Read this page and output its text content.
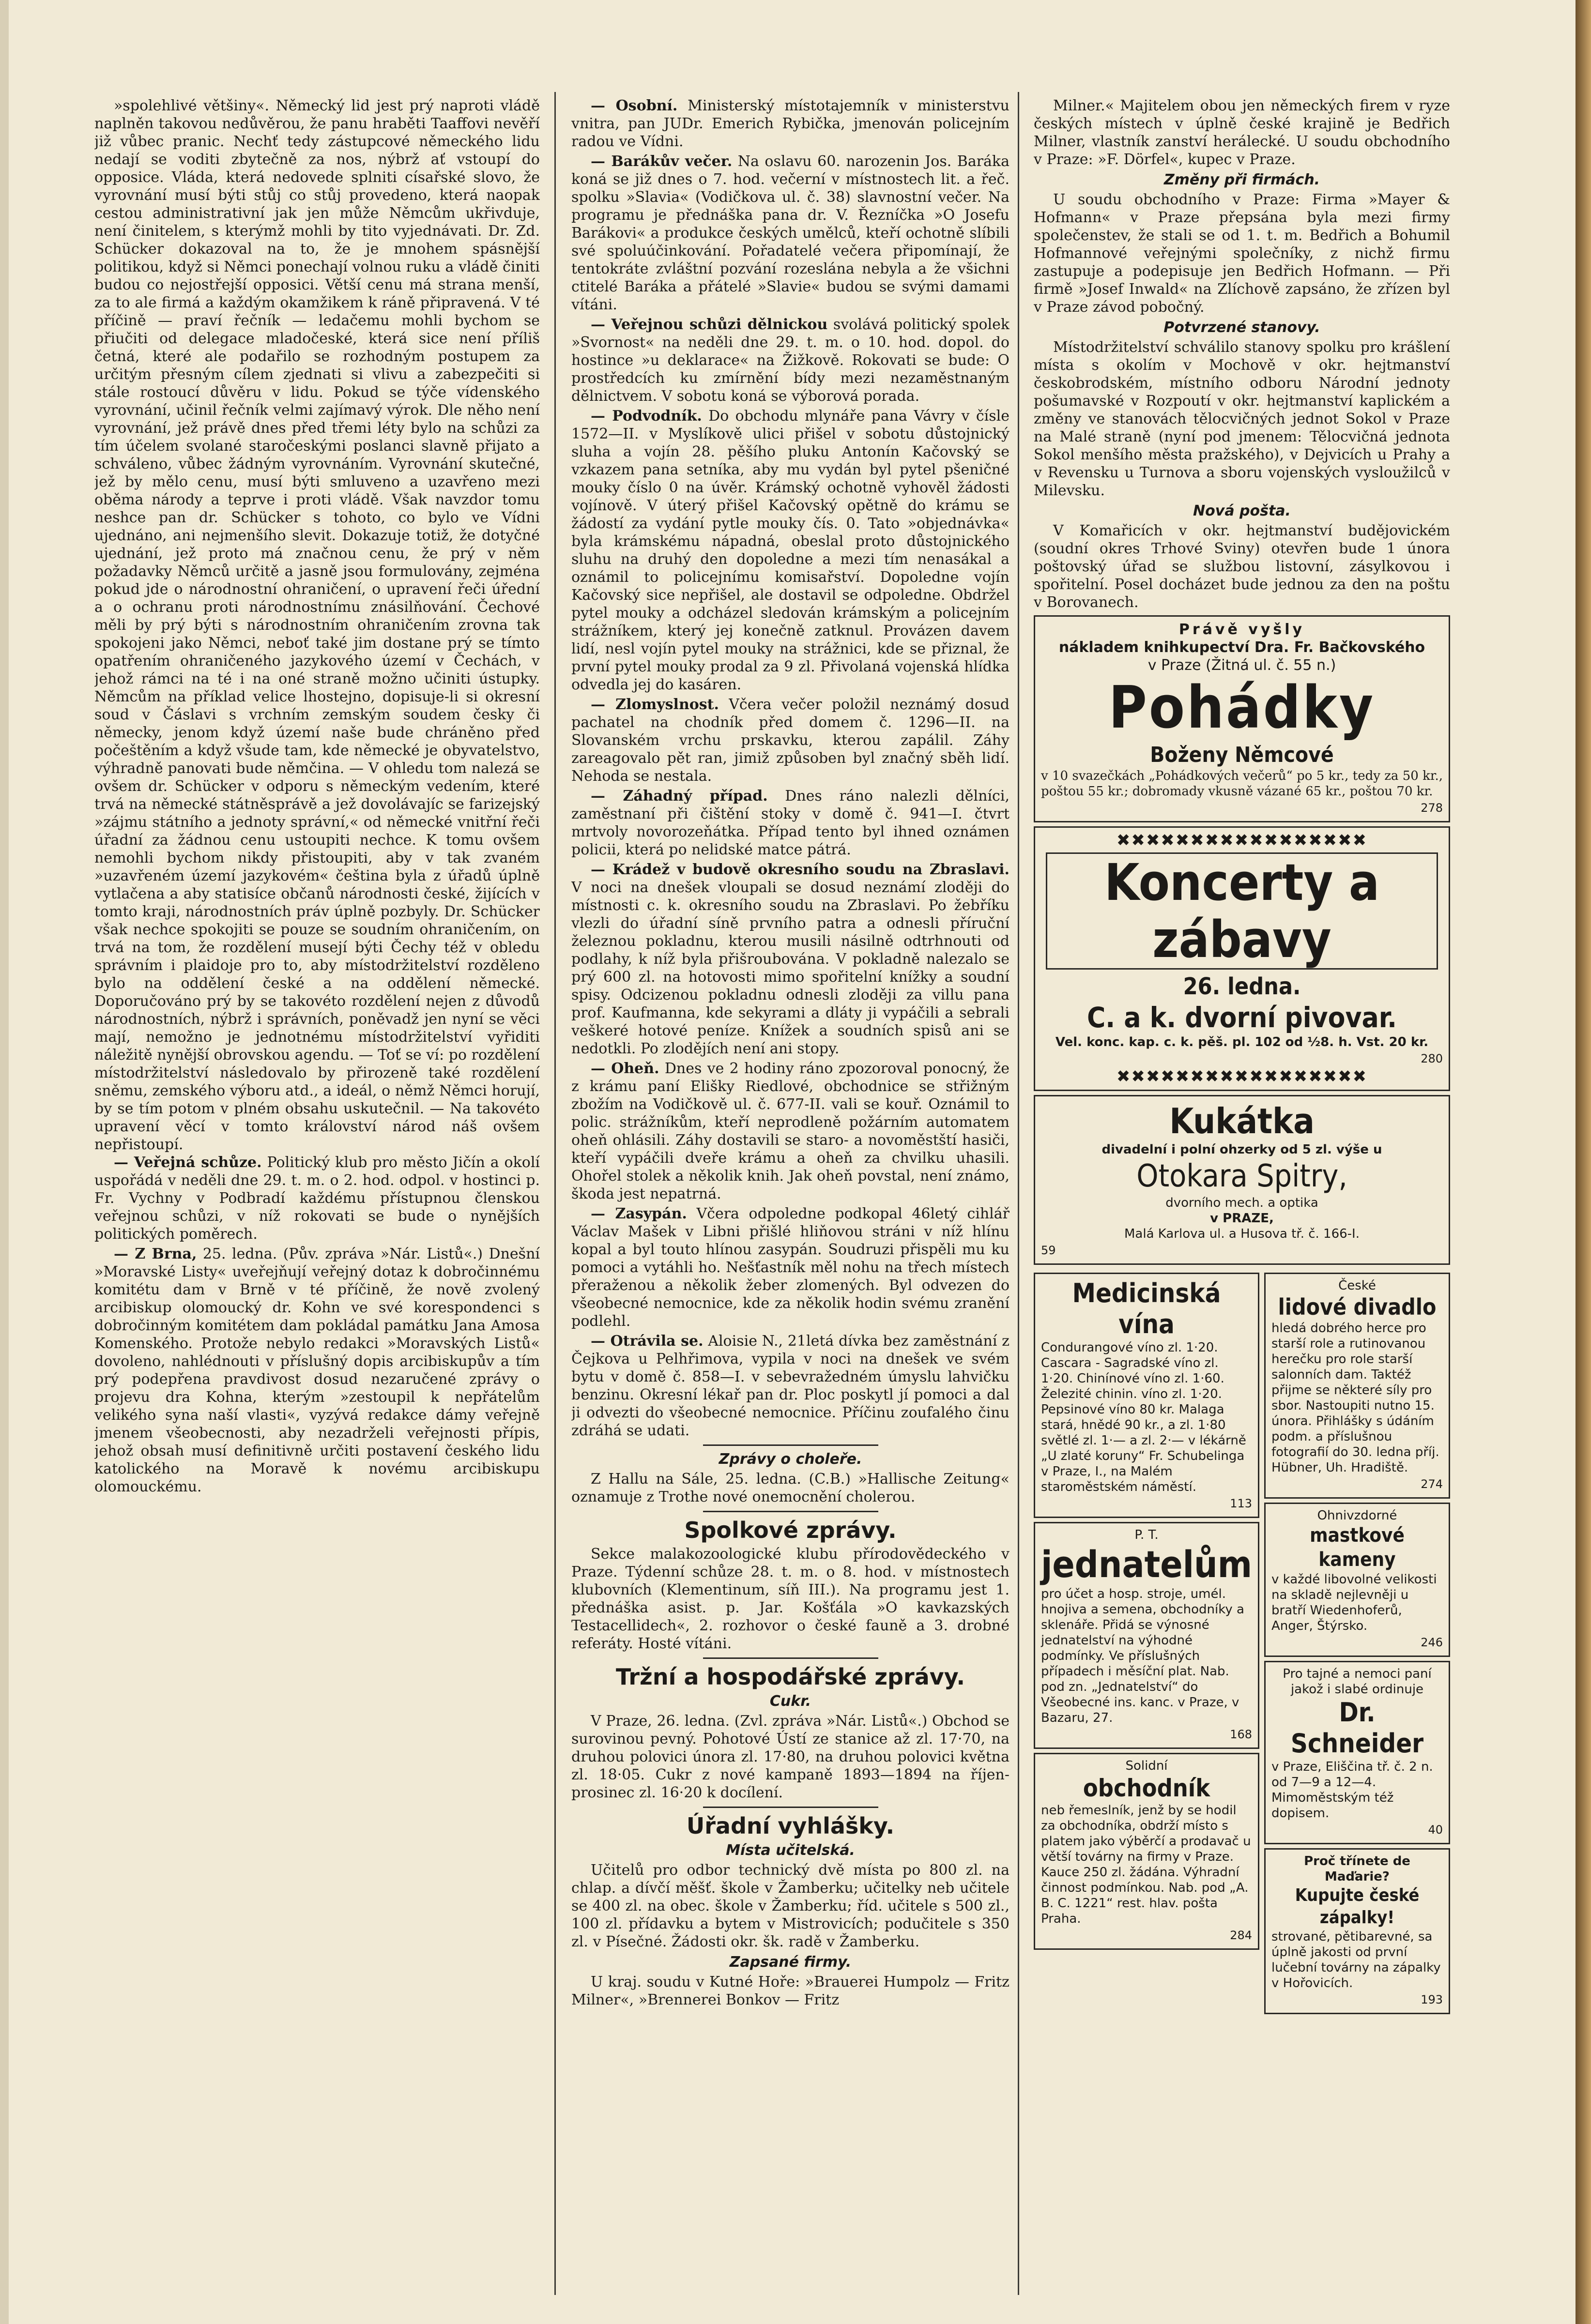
»spolehlivé většiny«. Německý lid jest prý naproti vládě naplněn takovou nedůvěrou, že panu hraběti Taaffovi nevěří již vůbec pranic. Nechť tedy zástupcové německého lidu nedají se voditi zbytečně za nos, nýbrž ať vstoupí do opposice. Vláda, která nedovede splniti císařské slovo, že vyrovnání musí býti stůj co stůj provedeno, která naopak cestou administrativní jak jen může Němcům ukřivduje, není činitelem, s kterýmž mohli by tito vyjednávati. Dr. Zd. Schücker dokazoval na to, že je mnohem spásnější politikou, když si Němci ponechají volnou ruku a vládě činiti budou co nejostřejší opposici. Větší cenu má strana menší, za to ale firmá a každým okamžikem k ráně připravená. V té příčině — praví řečník — ledačemu mohli bychom se přiučiti od delegace mladočeské, která sice není příliš četná, které ale podařilo se rozhodným postupem za určitým přesným cílem zjednati si vlivu a zabezpečiti si stále rostoucí důvěru v lidu. Pokud se týče vídenského vyrovnání, učinil řečník velmi zajímavý výrok. Dle něho není vyrovnání, jež právě dnes před třemi léty bylo na schůzi za tím účelem svolané staročeskými poslanci slavně přijato a schváleno, vůbec žádným vyrovnáním. Vyrovnání skutečné, jež by mělo cenu, musí býti smluveno a uzavřeno mezi oběma národy a teprve i proti vládě. Však navzdor tomu neshce pan dr. Schücker s tohoto, co bylo ve Vídni ujednáno, ani nejmenšího slevit. Dokazuje totiž, že dotyčné ujednání, jež proto má značnou cenu, že prý v něm požadavky Němců určitě a jasně jsou formulovány, zejména pokud jde o národnostní ohraničení, o upravení řeči úřední a o ochranu proti národnostnímu znásilňování. Čechové měli by prý býti s národnostním ohraničením zrovna tak spokojeni jako Němci, neboť také jim dostane prý se tímto opatřením ohraničeného jazykového území v Čechách, v jehož rámci na té i na oné straně možno učiniti ústupky. Němcům na příklad velice lhostejno, dopisuje-li si okresní soud v Čáslavi s vrchním zemským soudem česky či německy, jenom když území naše bude chráněno před počeštěním a když všude tam, kde německé je obyvatelstvo, výhradně panovati bude němčina. — V ohledu tom nalezá se ovšem dr. Schücker v odporu s německým vedením, které trvá na německé státněsprávě a jež dovolávajíc se farizejský »zájmu státního a jednoty správní,« od německé vnitřní řeči úřadní za žádnou cenu ustoupiti nechce. K tomu ovšem nemohli bychom nikdy přistoupiti, aby v tak zvaném »uzavřeném území jazykovém« čeština byla z úřadů úplně vytlačena a aby statisíce občanů národnosti české, žijících v tomto kraji, národnostních práv úplně pozbyly. Dr. Schücker však nechce spokojiti se pouze se soudním ohraničením, on trvá na tom, že rozdělení musejí býti Čechy též v obledu správním i plaidoje pro to, aby místodržitelství rozděleno bylo na oddělení české a na oddělení německé. Doporučováno prý by se takovéto rozdělení nejen z důvodů národnostních, nýbrž i správních, poněvadž jen nyní se věci mají, nemožno je jednotnému místodržitelství vyřiditi náležitě nynější obrovskou agendu. — Toť se ví: po rozdělení místodržitelství následovalo by přirozeně také rozdělení sněmu, zemského výboru atd., a ideál, o němž Němci horují, by se tím potom v plném obsahu uskutečnil. — Na takovéto upravení věcí v tomto království národ náš ovšem nepřistoupí.

— Veřejná schůze. Politický klub pro město Jičín a okolí uspořádá v neděli dne 29. t. m. o 2. hod. odpol. v hostinci p. Fr. Vychny v Podbradí každému přístupnou členskou veřejnou schůzi, v níž rokovati se bude o nynějších politických poměrech.

— Z Brna, 25. ledna. (Pův. zpráva »Nár. Listů«.) Dnešní »Moravské Listy« uveřejňují veřejný dotaz k dobročinnému komitétu dam v Brně v té příčině, že nově zvolený arcibiskup olomoucký dr. Kohn ve své korespondenci s dobročinným komitétem dam pokládal památku Jana Amosa Komenského. Protože nebylo redakci »Moravských Listů« dovoleno, nahlédnouti v příslušný dopis arcibiskupův a tím prý podepřena pravdivost dosud nezaručené zprávy o projevu dra Kohna, kterým »zestoupil k nepřátelům velikého syna naší vlasti«, vyzývá redakce dámy veřejně jmenem všeobecnosti, aby nezadrželi veřejnosti přípis, jehož obsah musí definitivně určiti postavení českého lidu katolického na Moravě k novému arcibiskupu olomouckému.

— Osobní. Ministerský místotajemník v ministerstvu vnitra, pan JUDr. Emerich Rybička, jmenován policejním radou ve Vídni.

— Barákův večer. Na oslavu 60. narozenin Jos. Baráka koná se již dnes o 7. hod. večerní v místnostech lit. a řeč. spolku »Slavia« (Vodičkova ul. č. 38) slavnostní večer. Na programu je přednáška pana dr. V. Řezníčka »O Josefu Barákovi« a produkce českých umělců, kteří ochotně slíbili své spoluúčinkování. Pořadatelé večera připomínají, že tentokráte zvláštní pozvání rozeslána nebyla a že všichni ctitelé Baráka a přátelé »Slavie« budou se svými damami vítáni.

— Veřejnou schůzi dělnickou svolává politický spolek »Svornost« na neděli dne 29. t. m. o 10. hod. dopol. do hostince »u deklarace« na Žižkově. Rokovati se bude: O prostředcích ku zmírnění bídy mezi nezaměstnaným dělnictvem. V sobotu koná se výborová porada.

— Podvodník. Do obchodu mlynáře pana Vávry v čísle 1572—II. v Myslíkově ulici přišel v sobotu důstojnický sluha a vojín 28. pěšího pluku Antonín Kačovský se vzkazem pana setníka, aby mu vydán byl pytel pšeničné mouky číslo 0 na úvěr. Krámský ochotně vyhověl žádosti vojínově. V úterý přišel Kačovský opětně do krámu se žádostí za vydání pytle mouky čís. 0. Tato »objednávka« byla krámskému nápadná, obeslal proto důstojnického sluhu na druhý den dopoledne a mezi tím nenasákal a oznámil to policejnímu komisařství. Dopoledne vojín Kačovský sice nepřišel, ale dostavil se odpoledne. Obdržel pytel mouky a odcházel sledován krámským a policejním strážníkem, který jej konečně zatknul. Provázen davem lidí, nesl vojín pytel mouky na strážnici, kde se přiznal, že první pytel mouky prodal za 9 zl. Přivolaná vojenská hlídka odvedla jej do kasáren.

— Zlomyslnost. Včera večer položil neznámý dosud pachatel na chodník před domem č. 1296—II. na Slovanském vrchu prskavku, kterou zapálil. Záhy zareagovalo pět ran, jimiž způsoben byl značný sběh lidí. Nehoda se nestala.

— Záhadný případ. Dnes ráno nalezli dělníci, zaměstnaní při čištění stoky v domě č. 941—I. čtvrt mrtvoly novorozeňátka. Případ tento byl ihned oznámen policii, která po nelidské matce pátrá.

— Krádež v budově okresního soudu na Zbraslavi. V noci na dnešek vloupali se dosud neznámí zloději do místnosti c. k. okresního soudu na Zbraslavi. Po žebříku vlezli do úřadní síně prvního patra a odnesli příruční železnou pokladnu, kterou musili násilně odtrhnouti od podlahy, k níž byla přišroubována. V pokladně nalezalo se prý 600 zl. na hotovosti mimo spořitelní knížky a soudní spisy. Odcizenou pokladnu odnesli zloději za villu pana prof. Kaufmanna, kde sekyrami a dláty ji vypáčili a sebrali veškeré hotové peníze. Knížek a soudních spisů ani se nedotkli. Po zlodějích není ani stopy.

— Oheň. Dnes ve 2 hodiny ráno zpozoroval ponocný, že z krámu paní Elišky Riedlové, obchodnice se střižným zbožím na Vodičkově ul. č. 677-II. vali se kouř. Oznámil to polic. strážníkům, kteří neprodleně požárním automatem oheň ohlásili. Záhy dostavili se staro- a novoměstští hasiči, kteří vypáčili dveře krámu a oheň za chvilku uhasili. Ohořel stolek a několik knih. Jak oheň povstal, není známo, škoda jest nepatrná.

— Zasypán. Včera odpoledne podkopal 46letý cihlář Václav Mašek v Libni přišlé hliňovou stráni v níž hlínu kopal a byl touto hlínou zasypán. Soudruzi přispěli mu ku pomoci a vytáhli ho. Nešťastník měl nohu na třech místech přeraženou a několik žeber zlomených. Byl odvezen do všeobecné nemocnice, kde za několik hodin svému zranění podlehl.

— Otrávila se. Aloisie N., 21letá dívka bez zaměstnání z Čejkova u Pelhřimova, vypila v noci na dnešek ve svém bytu v domě č. 858—I. v sebevražedném úmyslu lahvičku benzinu. Okresní lékař pan dr. Ploc poskytl jí pomoci a dal ji odvezti do všeobecné nemocnice. Příčinu zoufalého činu zdráhá se udati.

Zprávy o choleře.

Z Hallu na Sále, 25. ledna. (C.B.) »Hallische Zeitung« oznamuje z Trothe nové onemocnění cholerou.

Spolkové zprávy.

Sekce malakozoologické klubu přírodovědeckého v Praze. Týdenní schůze 28. t. m. o 8. hod. v místnostech klubovních (Klementinum, síň III.). Na programu jest 1. přednáška asist. p. Jar. Košťála »O kavkazských Testacellidech«, 2. rozhovor o české fauně a 3. drobné referáty. Hosté vítáni.

Tržní a hospodářské zprávy.
Cukr.

V Praze, 26. ledna. (Zvl. zpráva »Nár. Listů«.) Obchod se surovinou pevný. Pohotové Ústí ze stanice až zl. 17·70, na druhou polovici února zl. 17·80, na druhou polovici května zl. 18·05. Cukr z nové kampaně 1893—1894 na říjen-prosinec zl. 16·20 k docílení.

Úřadní vyhlášky.
Místa učitelská.

Učitelů pro odbor technický dvě místa po 800 zl. na chlap. a dívčí měšť. škole v Žamberku; učitelky neb učitele se 400 zl. na obec. škole v Žamberku; říd. učitele s 500 zl., 100 zl. přídavku a bytem v Mistrovicích; podučitele s 350 zl. v Písečné. Žádosti okr. šk. radě v Žamberku.

Zapsané firmy.

U kraj. soudu v Kutné Hoře: »Brauerei Humpolz — Fritz Milner«, »Brennerei Bonkov — Fritz

Milner.« Majitelem obou jen německých firem v ryze českých místech v úplně české krajině je Bedřich Milner, vlastník zanství herálecké. U soudu obchodního v Praze: »F. Dörfel«, kupec v Praze.

Změny při firmách.

U soudu obchodního v Praze: Firma »Mayer & Hofmann« v Praze přepsána byla mezi firmy společenstev, že stali se od 1. t. m. Bedřich a Bohumil Hofmannové veřejnými společníky, z nichž firmu zastupuje a podepisuje jen Bedřich Hofmann. — Při firmě »Josef Inwald« na Zlíchově zapsáno, že zřízen byl v Praze závod pobočný.

Potvrzené stanovy.

Místodržitelství schválilo stanovy spolku pro krášlení místa s okolím v Mochově v okr. hejtmanství českobrodském, místního odboru Národní jednoty pošumavské v Rozpoutí v okr. hejtmanství kaplickém a změny ve stanovách tělocvičných jednot Sokol v Praze na Malé straně (nyní pod jmenem: Tělocvičná jednota Sokol menšího města pražského), v Dejvicích u Prahy a v Revensku u Turnova a sboru vojenských vysloužilců v Milevsku.

Nová pošta.

V Komařicích v okr. hejtmanství budějovickém (soudní okres Trhové Sviny) otevřen bude 1 února poštovský úřad se službou listovní, zásylkovou i spořitelní. Posel docházet bude jednou za den na poštu v Borovanech.

Právě vyšly
nákladem knihkupectví Dra. Fr. Bačkovského
v Praze (Žitná ul. č. 55 n.)
Pohádky
Boženy Němcové
v 10 svazečkách „Pohádkových večerů“ po 5 kr., tedy za 50 kr., poštou 55 kr.; dobromady vkusně vázané 65 kr., poštou 70 kr.
278
✖✖✖✖✖✖✖✖✖✖✖✖✖✖✖✖✖
Koncerty a zábavy
26. ledna.
C. a k. dvorní pivovar.
Vel. konc. kap. c. k. pěš. pl. 102 od ½8. h. Vst. 20 kr.
280
✖✖✖✖✖✖✖✖✖✖✖✖✖✖✖✖✖
Kukátka
divadelní i polní ohzerky od 5 zl. výše u
Otokara Spitry,
dvorního mech. a optika
v PRAZE,
Malá Karlova ul. a Husova tř. č. 166-I.
59
Medicinská vína
Condurangové víno zl. 1·20. Cascara - Sagradské víno zl. 1·20. Chinínové víno zl. 1·60. Železité chinin. víno zl. 1·20. Pepsinové víno 80 kr. Malaga stará, hnědé 90 kr., a zl. 1·80 světlé zl. 1·— a zl. 2·— v lékárně „U zlaté koruny“ Fr. Schubelinga v Praze, I., na Malém staroměstském náměstí.
113
P. T.
jednatelům
pro účet a hosp. stroje, umél. hnojiva a semena, obchodníky a sklenáře. Přidá se výnosné jednatelství na výhodné podmínky. Ve příslušných případech i měsíční plat. Nab. pod zn. „Jednatelství“ do Všeobecné ins. kanc. v Praze, v Bazaru, 27.
168
Solidní
obchodník
neb řemeslník, jenž by se hodil za obchodníka, obdrží místo s platem jako výběrčí a prodavač u větší továrny na firmy v Praze. Kauce 250 zl. žádána. Výhradní činnost podmínkou. Nab. pod „A. B. C. 1221“ rest. hlav. pošta Praha.
284
České
lidové divadlo
hledá dobrého herce pro starší role a rutinovanou herečku pro role starší salonních dam. Taktéž přijme se některé síly pro sbor. Nastoupiti nutno 15. února. Přihlášky s údáním podm. a příslušnou fotografií do 30. ledna příj. Hübner, Uh. Hradiště.
274
Ohnivzdorné
mastkové kameny
v každé libovolné velikosti na skladě nejlevněji u bratří Wiedenhoferů, Anger, Štýrsko.
246
Pro tajné a nemoci paní jakož i slabé ordinuje
Dr. Schneider
v Praze, Eliščina tř. č. 2 n. od 7—9 a 12—4. Mimoměstským též dopisem.
40
Proč třínete de Maďarie?
Kupujte české zápalky!
strované, pětibarevné, sa úplně jakosti od první lučební továrny na zápalky v Hořovicích.
193
